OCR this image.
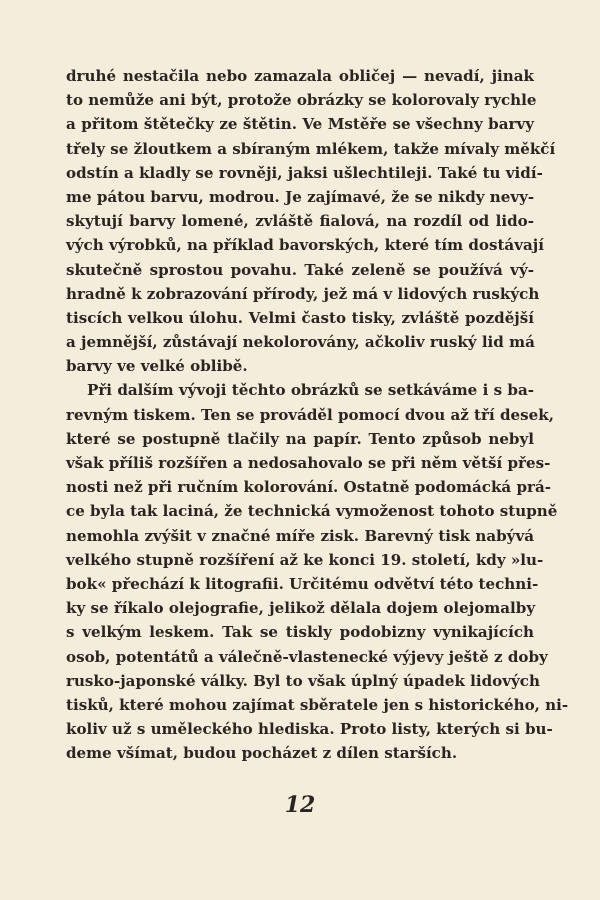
druhé nestačila nebo zamazala obličej — nevadí, jinak
to nemůže ani být, protože obrázky se kolorovaly rychle
a přitom štětečky ze štětin. Ve Mstěře se všechny barvy
třely se žloutkem a sbíraným mlékem, takže mívaly měkčí
odstín a kladly se rovněji, jaksi ušlechtileji. Také tu vidí-
me pátou barvu, modrou. Je zajímavé, že se nikdy nevy-
skytují barvy lomené, zvláště fialová, na rozdíl od lido-
vých výrobků, na příklad bavorských, které tím dostávají
skutečně sprostou povahu. Také zeleně se používá vý-
hradně k zobrazování přírody, jež má v lidových ruských
tiscích velkou úlohu. Velmi často tisky, zvláště pozdější
a jemnější, zůstávají nekolorovány, ačkoliv ruský lid má
barvy ve velké oblibě.
Při dalším vývoji těchto obrázků se setkáváme i s ba-
revným tiskem. Ten se prováděl pomocí dvou až tří desek,
které se postupně tlačily na papír. Tento způsob nebyl
však příliš rozšířen a nedosahovalo se při něm větší přes-
nosti než při ručním kolorování. Ostatně podomácká prá-
ce byla tak laciná, že technická vymoženost tohoto stupně
nemohla zvýšit v značné míře zisk. Barevný tisk nabývá
velkého stupně rozšíření až ke konci 19. století, kdy »lu-
bok« přechází k litografii. Určitému odvětví této techni-
ky se říkalo olejografie, jelikož dělala dojem olejomalby
s velkým leskem. Tak se tiskly podobizny vynikajících
osob, potentátů a válečně-vlastenecké výjevy ještě z doby
rusko-japonské války. Byl to však úplný úpadek lidových
tisků, které mohou zajímat sběratele jen s historického, ni-
koliv už s uměleckého hlediska. Proto listy, kterých si bu-
deme všímat, budou pocházet z dílen starších.
12
